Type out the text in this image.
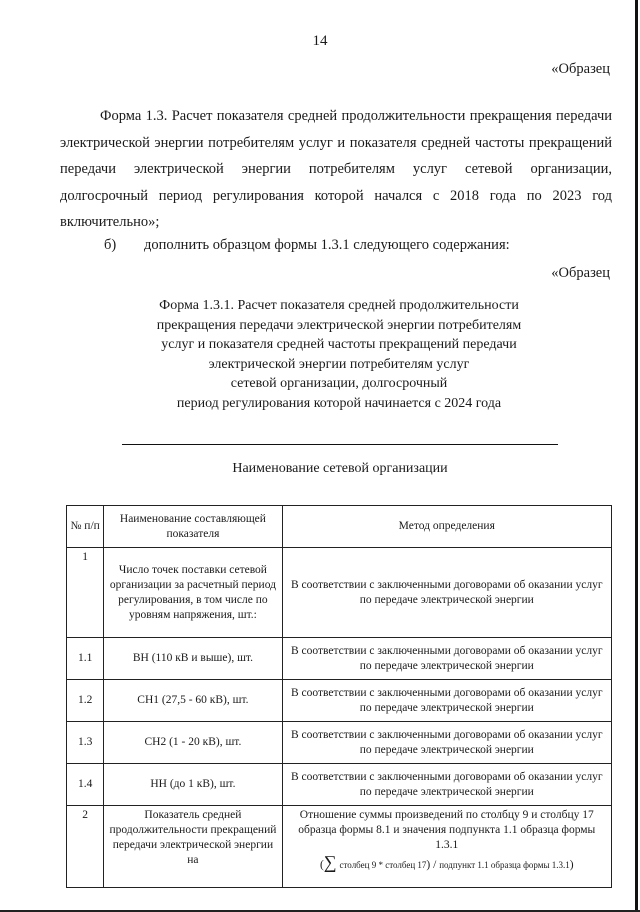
14
«Образец
Форма 1.3. Расчет показателя средней продолжительности прекращения передачи электрической энергии потребителям услуг и показателя средней частоты прекращений передачи электрической энергии потребителям услуг сетевой организации, долгосрочный период регулирования которой начался с 2018 года по 2023 год включительно»;
б) дополнить образцом формы 1.3.1 следующего содержания:
«Образец
Форма 1.3.1. Расчет показателя средней продолжительности
прекращения передачи электрической энергии потребителям
услуг и показателя средней частоты прекращений передачи
электрической энергии потребителям услуг
сетевой организации, долгосрочный
период регулирования которой начинается с 2024 года
Наименование сетевой организации
№ п/п	Наименование составляющей показателя	Метод определения
1	Число точек поставки сетевой организации за расчетный период регулирования, в том числе по уровням напряжения, шт.:	В соответствии с заключенными договорами об оказании услуг по передаче электрической энергии
1.1	ВН (110 кВ и выше), шт.	В соответствии с заключенными договорами об оказании услуг по передаче электрической энергии
1.2	СН1 (27,5 - 60 кВ), шт.	В соответствии с заключенными договорами об оказании услуг по передаче электрической энергии
1.3	СН2 (1 - 20 кВ), шт.	В соответствии с заключенными договорами об оказании услуг по передаче электрической энергии
1.4	НН (до 1 кВ), шт.	В соответствии с заключенными договорами об оказании услуг по передаче электрической энергии
2	Показатель средней продолжительности прекращений передачи электрической энергии на	Отношение суммы произведений по столбцу 9 и столбцу 17 образца формы 8.1 и значения подпункта 1.1 образца формы 1.3.1
(∑ столбец 9 * столбец 17) / подпункт 1.1 образца формы 1.3.1)
